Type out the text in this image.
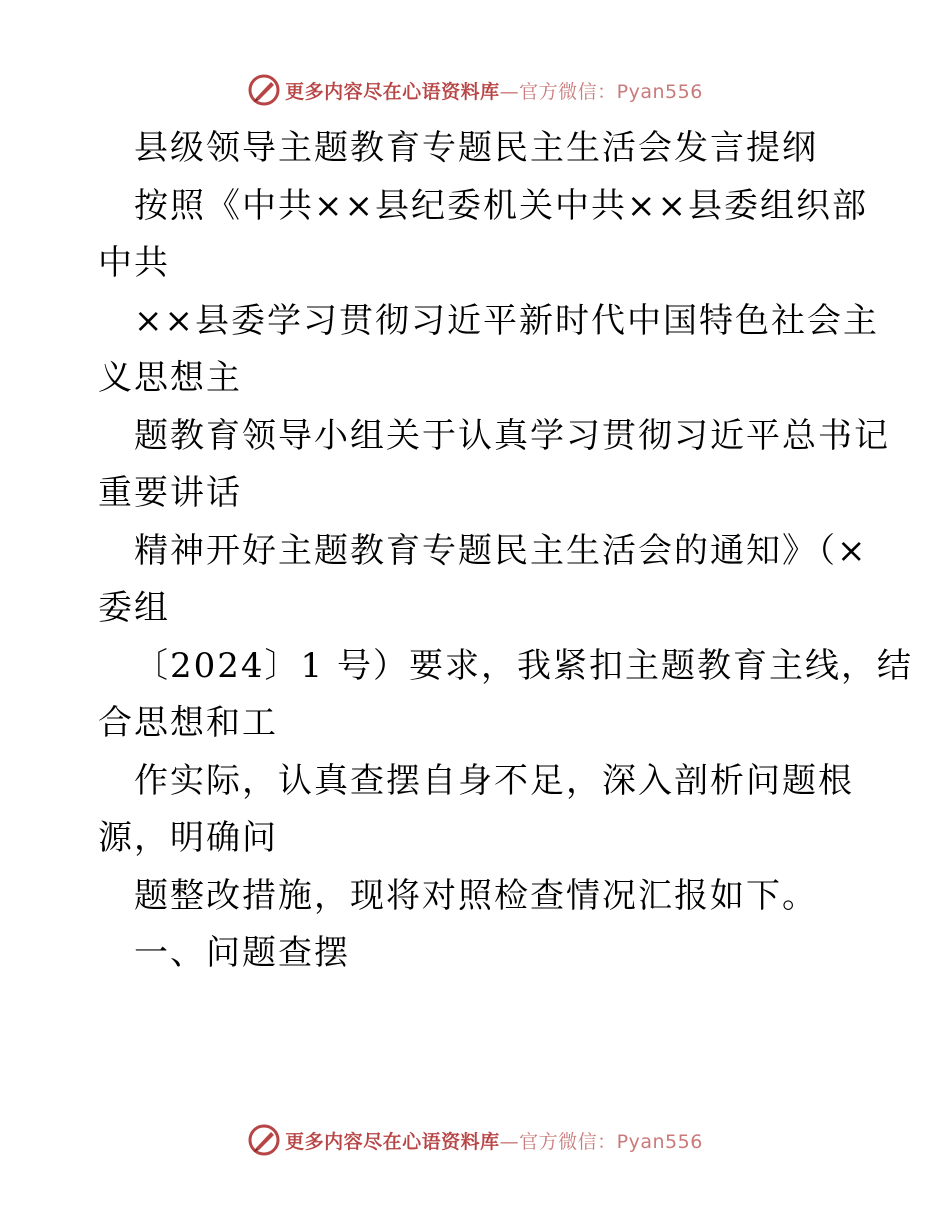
更多内容尽在心语资料库—官方微信：Pyan556
县级领导主题教育专题民主生活会发言提纲
按照《中共××县纪委机关中共××县委组织部
中共
××县委学习贯彻习近平新时代中国特色社会主
义思想主
题教育领导小组关于认真学习贯彻习近平总书记
重要讲话
精神开好主题教育专题民主生活会的通知》（×
委组
〔2024〕1 号）要求，我紧扣主题教育主线，结
合思想和工
作实际，认真查摆自身不足，深入剖析问题根
源，明确问
题整改措施，现将对照检查情况汇报如下。
一、问题查摆
更多内容尽在心语资料库—官方微信：Pyan556
